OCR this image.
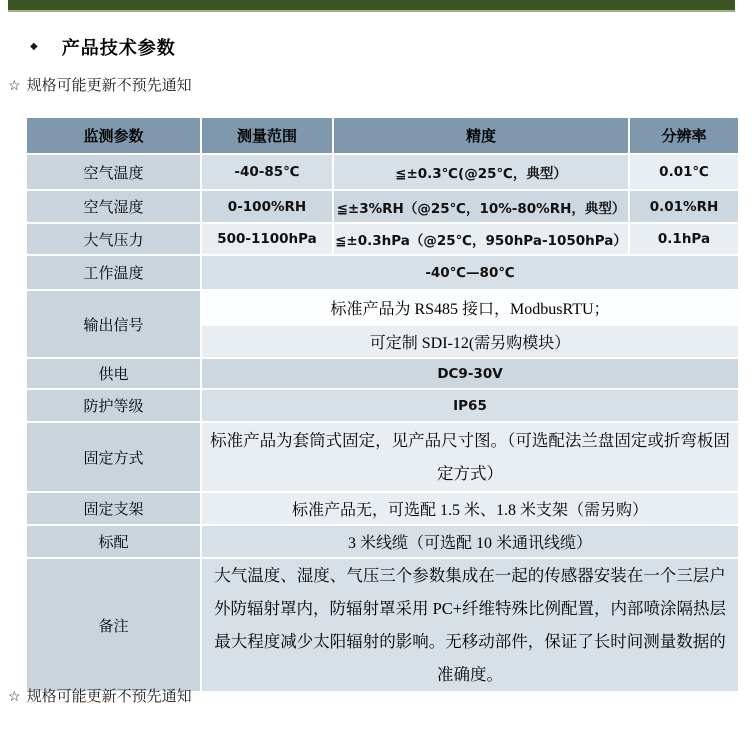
◆ 产品技术参数
☆ 规格可能更新不预先通知
监测参数	测量范围	精度	分辨率
空气温度	-40-85℃	≦±0.3℃(@25℃，典型）	0.01℃
空气湿度	0-100%RH	≦±3%RH（@25℃，10%-80%RH，典型）	0.01%RH
大气压力	500-1100hPa	≦±0.3hPa（@25℃，950hPa-1050hPa）	0.1hPa
工作温度	-40℃—80℃		
输出信号	标准产品为 RS485 接口，ModbusRTU；		
	可定制 SDI-12(需另购模块）		
供电	DC9-30V		
防护等级	IP65		
固定方式	标准产品为套筒式固定，见产品尺寸图。（可选配法兰盘固定或折弯板固定方式）		
固定支架	标准产品无，可选配 1.5 米、1.8 米支架（需另购）		
标配	3 米线缆（可选配 10 米通讯线缆）		
备注	大气温度、湿度、气压三个参数集成在一起的传感器安装在一个三层户外防辐射罩内，防辐射罩采用 PC+纤维特殊比例配置，内部喷涂隔热层最大程度减少太阳辐射的影响。无移动部件，保证了长时间测量数据的准确度。		
☆ 规格可能更新不预先通知
